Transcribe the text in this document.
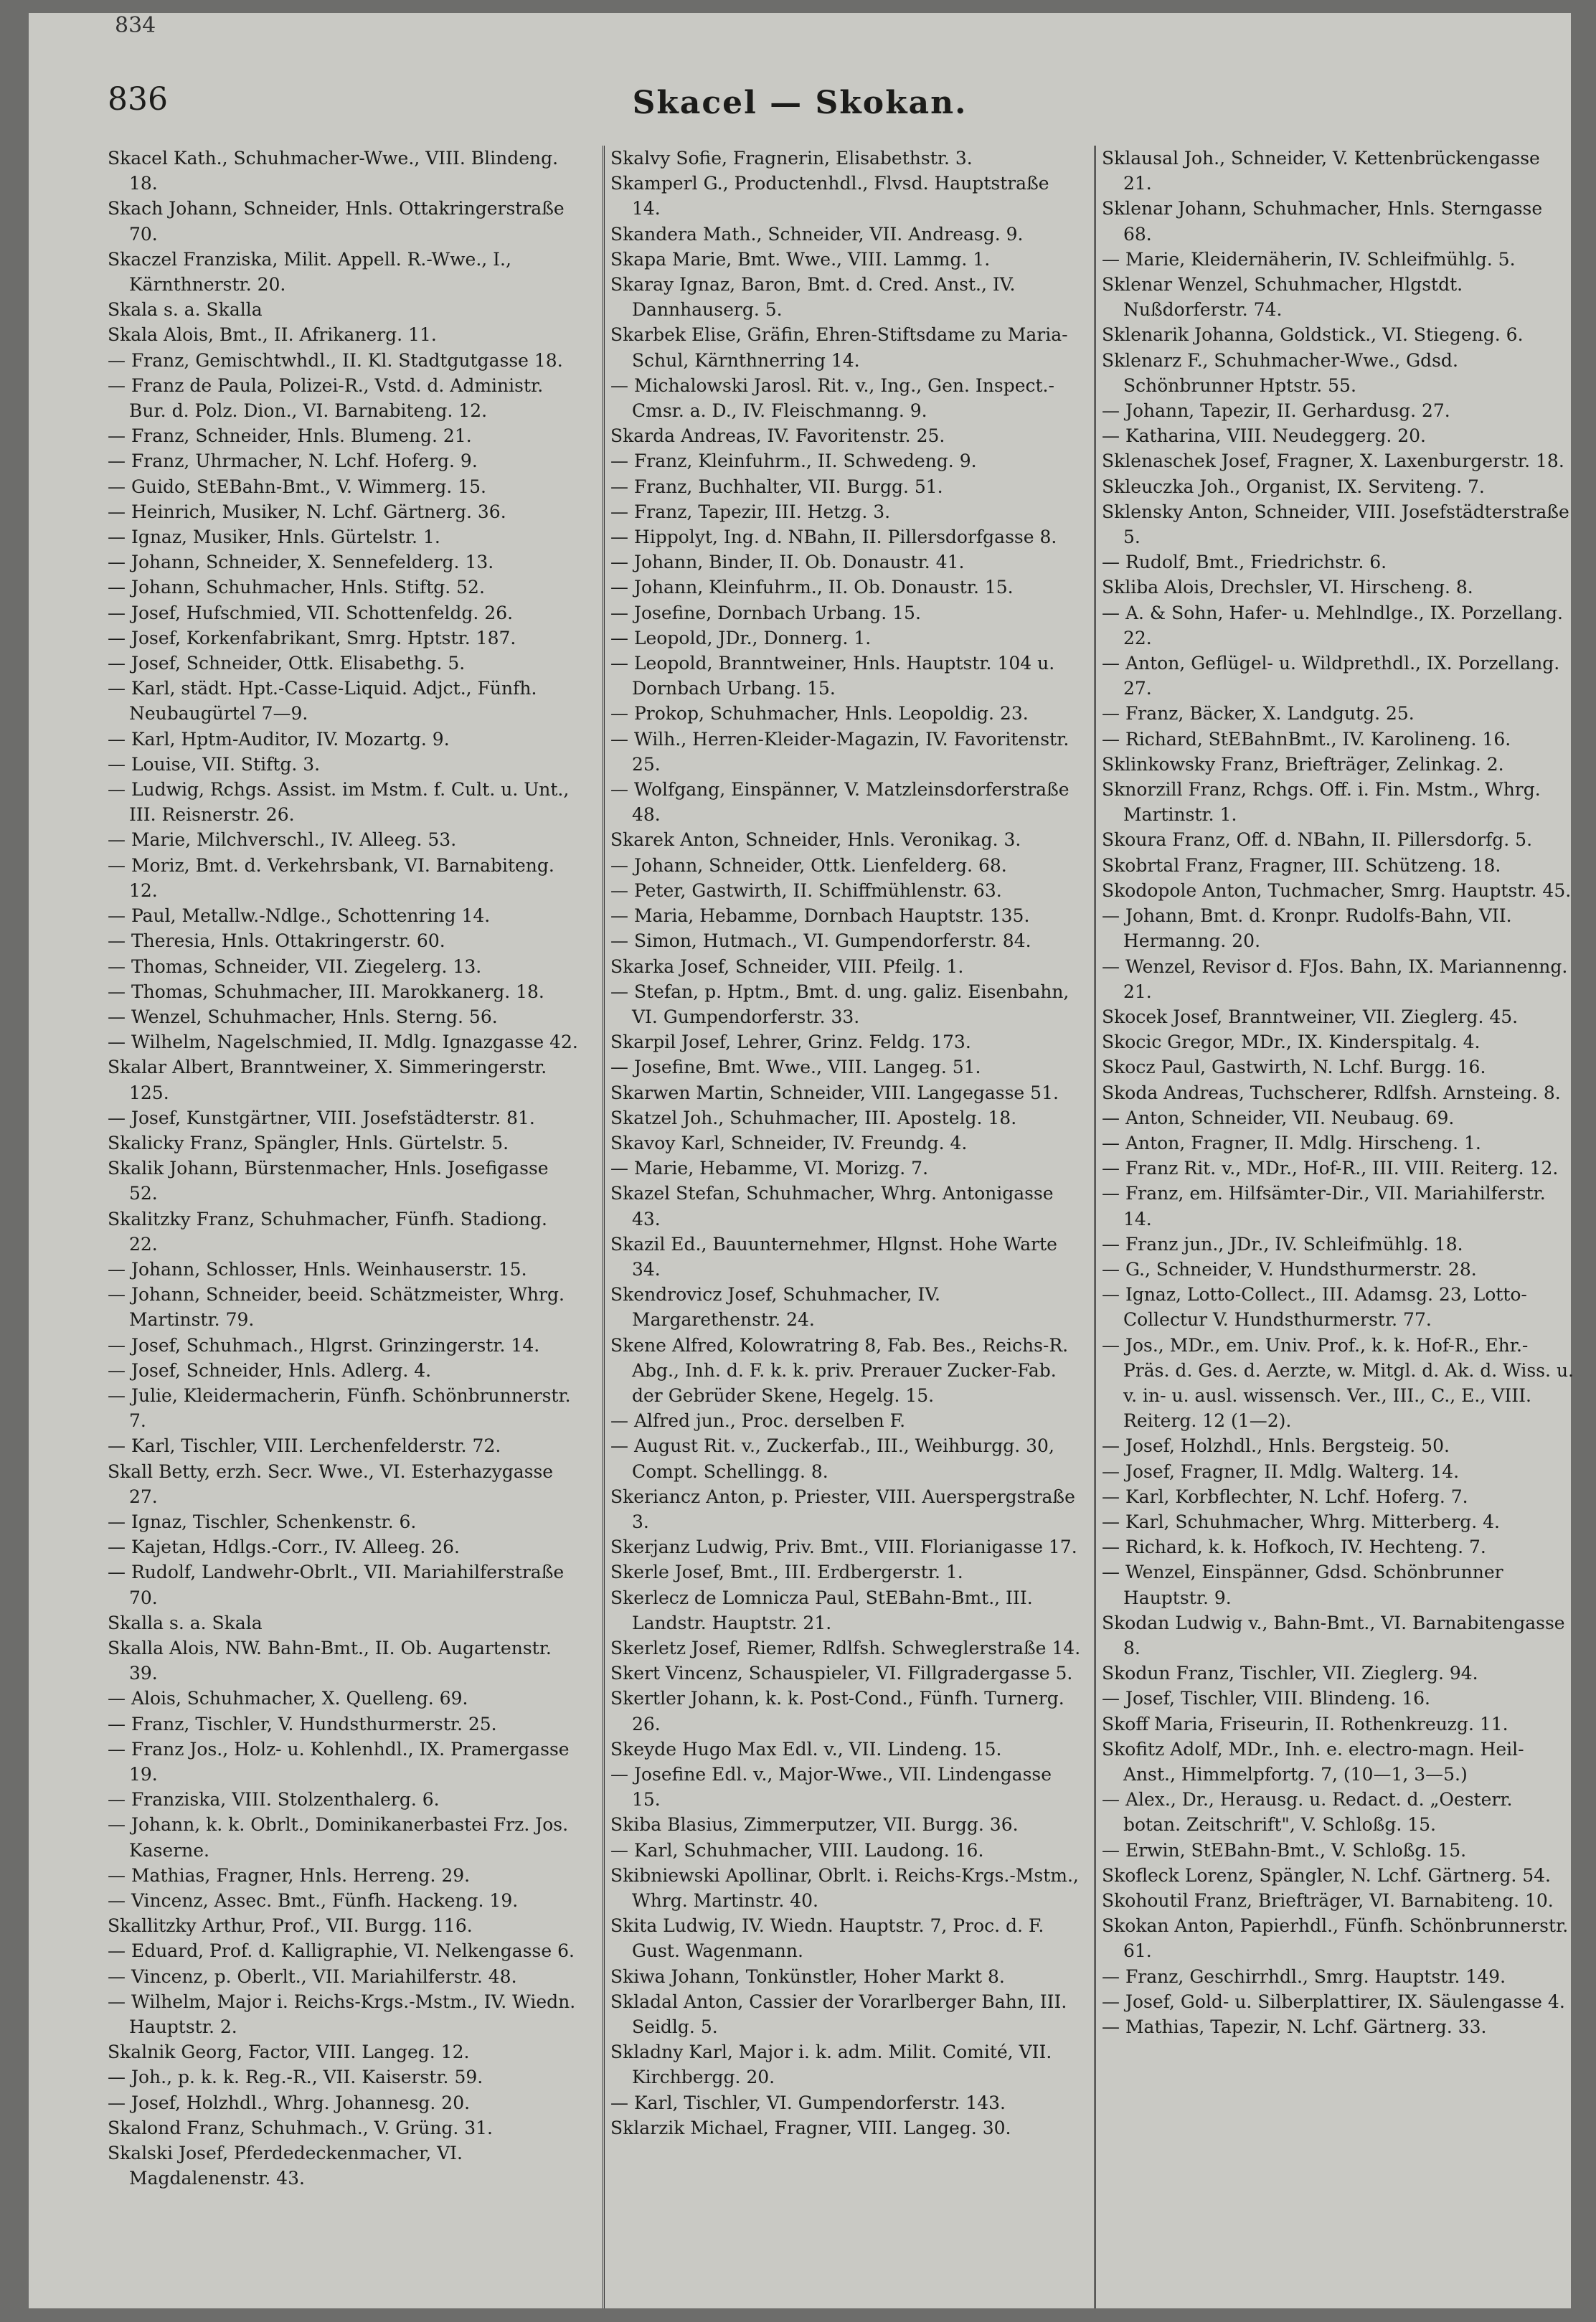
834
836	Skacel — Skokan.

Skacel Kath., Schuhmacher-Wwe., VIII. Blindeng. 18.

Skach Johann, Schneider, Hnls. Ottakringerstraße 70.

Skaczel Franziska, Milit. Appell. R.-Wwe., I., Kärnthnerstr. 20.

Skala s. a. Skalla

Skala Alois, Bmt., II. Afrikanerg. 11.

— Franz, Gemischtwhdl., II. Kl. Stadtgutgasse 18.

— Franz de Paula, Polizei-R., Vstd. d. Administr. Bur. d. Polz. Dion., VI. Barnabiteng. 12.

— Franz, Schneider, Hnls. Blumeng. 21.

— Franz, Uhrmacher, N. Lchf. Hoferg. 9.

— Guido, StEBahn-Bmt., V. Wimmerg. 15.

— Heinrich, Musiker, N. Lchf. Gärtnerg. 36.

— Ignaz, Musiker, Hnls. Gürtelstr. 1.

— Johann, Schneider, X. Sennefelderg. 13.

— Johann, Schuhmacher, Hnls. Stiftg. 52.

— Josef, Hufschmied, VII. Schottenfeldg. 26.

— Josef, Korkenfabrikant, Smrg. Hptstr. 187.

— Josef, Schneider, Ottk. Elisabethg. 5.

— Karl, städt. Hpt.-Casse-Liquid. Adjct., Fünfh. Neubaugürtel 7—9.

— Karl, Hptm-Auditor, IV. Mozartg. 9.

— Louise, VII. Stiftg. 3.

— Ludwig, Rchgs. Assist. im Mstm. f. Cult. u. Unt., III. Reisnerstr. 26.

— Marie, Milchverschl., IV. Alleeg. 53.

— Moriz, Bmt. d. Verkehrsbank, VI. Barnabiteng. 12.

— Paul, Metallw.-Ndlge., Schottenring 14.

— Theresia, Hnls. Ottakringerstr. 60.

— Thomas, Schneider, VII. Ziegelerg. 13.

— Thomas, Schuhmacher, III. Marokkanerg. 18.

— Wenzel, Schuhmacher, Hnls. Sterng. 56.

— Wilhelm, Nagelschmied, II. Mdlg. Ignazgasse 42.

Skalar Albert, Branntweiner, X. Simmeringerstr. 125.

— Josef, Kunstgärtner, VIII. Josefstädterstr. 81.

Skalicky Franz, Spängler, Hnls. Gürtelstr. 5.

Skalik Johann, Bürstenmacher, Hnls. Josefigasse 52.

Skalitzky Franz, Schuhmacher, Fünfh. Stadiong. 22.

— Johann, Schlosser, Hnls. Weinhauserstr. 15.

— Johann, Schneider, beeid. Schätzmeister, Whrg. Martinstr. 79.

— Josef, Schuhmach., Hlgrst. Grinzingerstr. 14.

— Josef, Schneider, Hnls. Adlerg. 4.

— Julie, Kleidermacherin, Fünfh. Schönbrunnerstr. 7.

— Karl, Tischler, VIII. Lerchenfelderstr. 72.

Skall Betty, erzh. Secr. Wwe., VI. Esterhazygasse 27.

— Ignaz, Tischler, Schenkenstr. 6.

— Kajetan, Hdlgs.-Corr., IV. Alleeg. 26.

— Rudolf, Landwehr-Obrlt., VII. Mariahilferstraße 70.

Skalla s. a. Skala

Skalla Alois, NW. Bahn-Bmt., II. Ob. Augartenstr. 39.

— Alois, Schuhmacher, X. Quelleng. 69.

— Franz, Tischler, V. Hundsthurmerstr. 25.

— Franz Jos., Holz- u. Kohlenhdl., IX. Pramergasse 19.

— Franziska, VIII. Stolzenthalerg. 6.

— Johann, k. k. Obrlt., Dominikanerbastei Frz. Jos. Kaserne.

— Mathias, Fragner, Hnls. Herreng. 29.

— Vincenz, Assec. Bmt., Fünfh. Hackeng. 19.

Skallitzky Arthur, Prof., VII. Burgg. 116.

— Eduard, Prof. d. Kalligraphie, VI. Nelkengasse 6.

— Vincenz, p. Oberlt., VII. Mariahilferstr. 48.

— Wilhelm, Major i. Reichs-Krgs.-Mstm., IV. Wiedn. Hauptstr. 2.

Skalnik Georg, Factor, VIII. Langeg. 12.

— Joh., p. k. k. Reg.-R., VII. Kaiserstr. 59.

— Josef, Holzhdl., Whrg. Johannesg. 20.

Skalond Franz, Schuhmach., V. Grüng. 31.

Skalski Josef, Pferdedeckenmacher, VI. Magdalenenstr. 43.

Skalvy Sofie, Fragnerin, Elisabethstr. 3.

Skamperl G., Productenhdl., Flvsd. Hauptstraße 14.

Skandera Math., Schneider, VII. Andreasg. 9.

Skapa Marie, Bmt. Wwe., VIII. Lammg. 1.

Skaray Ignaz, Baron, Bmt. d. Cred. Anst., IV. Dannhauserg. 5.

Skarbek Elise, Gräfin, Ehren-Stiftsdame zu Maria-Schul, Kärnthnerring 14.

— Michalowski Jarosl. Rit. v., Ing., Gen. Inspect.-Cmsr. a. D., IV. Fleischmanng. 9.

Skarda Andreas, IV. Favoritenstr. 25.

— Franz, Kleinfuhrm., II. Schwedeng. 9.

— Franz, Buchhalter, VII. Burgg. 51.

— Franz, Tapezir, III. Hetzg. 3.

— Hippolyt, Ing. d. NBahn, II. Pillersdorfgasse 8.

— Johann, Binder, II. Ob. Donaustr. 41.

— Johann, Kleinfuhrm., II. Ob. Donaustr. 15.

— Josefine, Dornbach Urbang. 15.

— Leopold, JDr., Donnerg. 1.

— Leopold, Branntweiner, Hnls. Hauptstr. 104 u. Dornbach Urbang. 15.

— Prokop, Schuhmacher, Hnls. Leopoldig. 23.

— Wilh., Herren-Kleider-Magazin, IV. Favoritenstr. 25.

— Wolfgang, Einspänner, V. Matzleinsdorferstraße 48.

Skarek Anton, Schneider, Hnls. Veronikag. 3.

— Johann, Schneider, Ottk. Lienfelderg. 68.

— Peter, Gastwirth, II. Schiffmühlenstr. 63.

— Maria, Hebamme, Dornbach Hauptstr. 135.

— Simon, Hutmach., VI. Gumpendorferstr. 84.

Skarka Josef, Schneider, VIII. Pfeilg. 1.

— Stefan, p. Hptm., Bmt. d. ung. galiz. Eisenbahn, VI. Gumpendorferstr. 33.

Skarpil Josef, Lehrer, Grinz. Feldg. 173.

— Josefine, Bmt. Wwe., VIII. Langeg. 51.

Skarwen Martin, Schneider, VIII. Langegasse 51.

Skatzel Joh., Schuhmacher, III. Apostelg. 18.

Skavoy Karl, Schneider, IV. Freundg. 4.

— Marie, Hebamme, VI. Morizg. 7.

Skazel Stefan, Schuhmacher, Whrg. Antonigasse 43.

Skazil Ed., Bauunternehmer, Hlgnst. Hohe Warte 34.

Skendrovicz Josef, Schuhmacher, IV. Margarethenstr. 24.

Skene Alfred, Kolowratring 8, Fab. Bes., Reichs-R. Abg., Inh. d. F. k. k. priv. Prerauer Zucker-Fab. der Gebrüder Skene, Hegelg. 15.

— Alfred jun., Proc. derselben F.

— August Rit. v., Zuckerfab., III., Weihburgg. 30, Compt. Schellingg. 8.

Skeriancz Anton, p. Priester, VIII. Auerspergstraße 3.

Skerjanz Ludwig, Priv. Bmt., VIII. Florianigasse 17.

Skerle Josef, Bmt., III. Erdbergerstr. 1.

Skerlecz de Lomnicza Paul, StEBahn-Bmt., III. Landstr. Hauptstr. 21.

Skerletz Josef, Riemer, Rdlfsh. Schweglerstraße 14.

Skert Vincenz, Schauspieler, VI. Fillgradergasse 5.

Skertler Johann, k. k. Post-Cond., Fünfh. Turnerg. 26.

Skeyde Hugo Max Edl. v., VII. Lindeng. 15.

— Josefine Edl. v., Major-Wwe., VII. Lindengasse 15.

Skiba Blasius, Zimmerputzer, VII. Burgg. 36.

— Karl, Schuhmacher, VIII. Laudong. 16.

Skibniewski Apollinar, Obrlt. i. Reichs-Krgs.-Mstm., Whrg. Martinstr. 40.

Skita Ludwig, IV. Wiedn. Hauptstr. 7, Proc. d. F. Gust. Wagenmann.

Skiwa Johann, Tonkünstler, Hoher Markt 8.

Skladal Anton, Cassier der Vorarlberger Bahn, III. Seidlg. 5.

Skladny Karl, Major i. k. adm. Milit. Comité, VII. Kirchbergg. 20.

— Karl, Tischler, VI. Gumpendorferstr. 143.

Sklarzik Michael, Fragner, VIII. Langeg. 30.

Sklausal Joh., Schneider, V. Kettenbrückengasse 21.

Sklenar Johann, Schuhmacher, Hnls. Sterngasse 68.

— Marie, Kleidernäherin, IV. Schleifmühlg. 5.

Sklenar Wenzel, Schuhmacher, Hlgstdt. Nußdorferstr. 74.

Sklenarik Johanna, Goldstick., VI. Stiegeng. 6.

Sklenarz F., Schuhmacher-Wwe., Gdsd. Schönbrunner Hptstr. 55.

— Johann, Tapezir, II. Gerhardusg. 27.

— Katharina, VIII. Neudeggerg. 20.

Sklenaschek Josef, Fragner, X. Laxenburgerstr. 18.

Skleuczka Joh., Organist, IX. Serviteng. 7.

Sklensky Anton, Schneider, VIII. Josefstädterstraße 5.

— Rudolf, Bmt., Friedrichstr. 6.

Skliba Alois, Drechsler, VI. Hirscheng. 8.

— A. & Sohn, Hafer- u. Mehlndlge., IX. Porzellang. 22.

— Anton, Geflügel- u. Wildprethdl., IX. Porzellang. 27.

— Franz, Bäcker, X. Landgutg. 25.

— Richard, StEBahnBmt., IV. Karolineng. 16.

Sklinkowsky Franz, Briefträger, Zelinkag. 2.

Sknorzill Franz, Rchgs. Off. i. Fin. Mstm., Whrg. Martinstr. 1.

Skoura Franz, Off. d. NBahn, II. Pillersdorfg. 5.

Skobrtal Franz, Fragner, III. Schützeng. 18.

Skodopole Anton, Tuchmacher, Smrg. Hauptstr. 45.

— Johann, Bmt. d. Kronpr. Rudolfs-Bahn, VII. Hermanng. 20.

— Wenzel, Revisor d. FJos. Bahn, IX. Mariannenng. 21.

Skocek Josef, Branntweiner, VII. Zieglerg. 45.

Skocic Gregor, MDr., IX. Kinderspitalg. 4.

Skocz Paul, Gastwirth, N. Lchf. Burgg. 16.

Skoda Andreas, Tuchscherer, Rdlfsh. Arnsteing. 8.

— Anton, Schneider, VII. Neubaug. 69.

— Anton, Fragner, II. Mdlg. Hirscheng. 1.

— Franz Rit. v., MDr., Hof-R., III. VIII. Reiterg. 12.

— Franz, em. Hilfsämter-Dir., VII. Mariahilferstr. 14.

— Franz jun., JDr., IV. Schleifmühlg. 18.

— G., Schneider, V. Hundsthurmerstr. 28.

— Ignaz, Lotto-Collect., III. Adamsg. 23, Lotto-Collectur V. Hundsthurmerstr. 77.

— Jos., MDr., em. Univ. Prof., k. k. Hof-R., Ehr.-Präs. d. Ges. d. Aerzte, w. Mitgl. d. Ak. d. Wiss. u. v. in- u. ausl. wissensch. Ver., III., C., E., VIII. Reiterg. 12 (1—2).

— Josef, Holzhdl., Hnls. Bergsteig. 50.

— Josef, Fragner, II. Mdlg. Walterg. 14.

— Karl, Korbflechter, N. Lchf. Hoferg. 7.

— Karl, Schuhmacher, Whrg. Mitterberg. 4.

— Richard, k. k. Hofkoch, IV. Hechteng. 7.

— Wenzel, Einspänner, Gdsd. Schönbrunner Hauptstr. 9.

Skodan Ludwig v., Bahn-Bmt., VI. Barnabitengasse 8.

Skodun Franz, Tischler, VII. Zieglerg. 94.

— Josef, Tischler, VIII. Blindeng. 16.

Skoff Maria, Friseurin, II. Rothenkreuzg. 11.

Skofitz Adolf, MDr., Inh. e. electro-magn. Heil-Anst., Himmelpfortg. 7, (10—1, 3—5.)

— Alex., Dr., Herausg. u. Redact. d. „Oesterr. botan. Zeitschrift", V. Schloßg. 15.

— Erwin, StEBahn-Bmt., V. Schloßg. 15.

Skofleck Lorenz, Spängler, N. Lchf. Gärtnerg. 54.

Skohoutil Franz, Briefträger, VI. Barnabiteng. 10.

Skokan Anton, Papierhdl., Fünfh. Schönbrunnerstr. 61.

— Franz, Geschirrhdl., Smrg. Hauptstr. 149.

— Josef, Gold- u. Silberplattirer, IX. Säulengasse 4.

— Mathias, Tapezir, N. Lchf. Gärtnerg. 33.
